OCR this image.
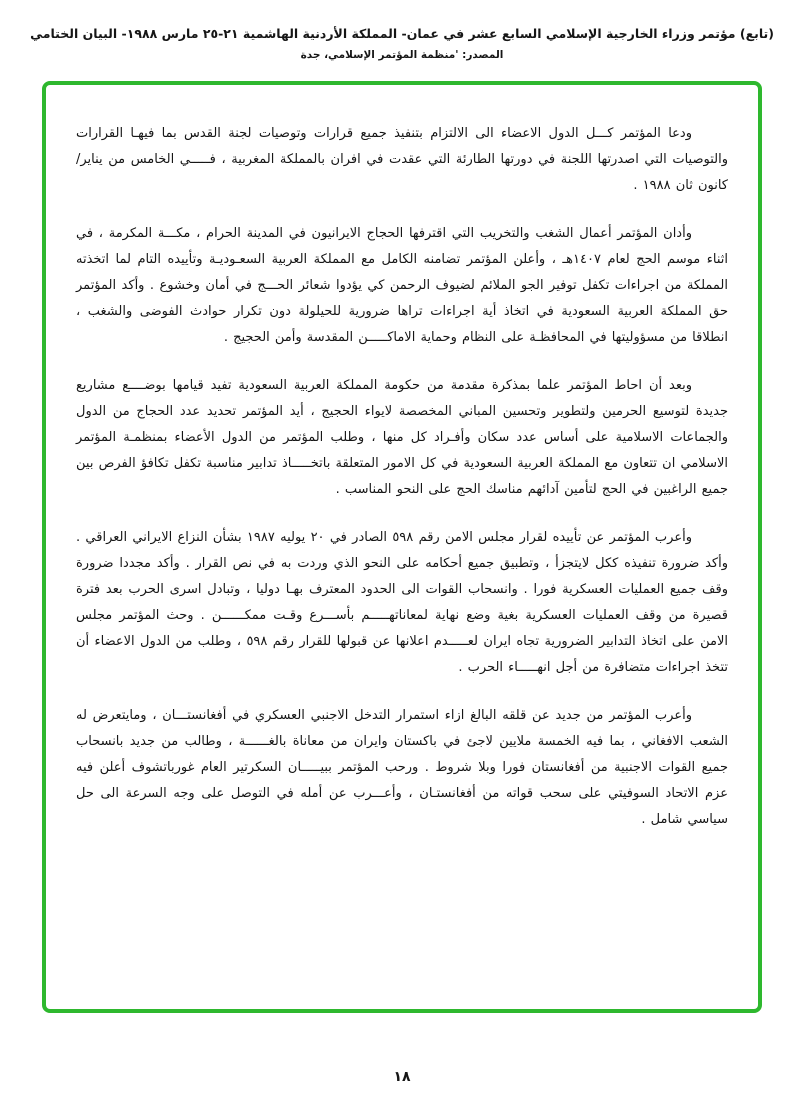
(تابع) مؤتمر وزراء الخارجية الإسلامي السابع عشر في عمان- المملكة الأردنية الهاشمية ٢١-٢٥ مارس ١٩٨٨- البيان الختامي
المصدر: 'منظمة المؤتمر الإسلامي، جدة

ودعا المؤتمر كـــل الدول الاعضاء الى الالتزام بتنفيذ جميع قرارات وتوصيات لجنة القدس بما فيهـا القرارات والتوصيات التي اصدرتها اللجنة في دورتها الطارئة التي عقدت في افران بالمملكة المغربية ، فـــــي الخامس من يناير/كانون ثان ١٩٨٨ .

وأدان المؤتمر أعمال الشغب والتخريب التي اقترفها الحجاج الايرانيون في المدينة الحرام ، مكـــة المكرمة ، في اثناء موسم الحج لعام ١٤٠٧هـ ، وأعلن المؤتمر تضامنه الكامل مع المملكة العربية السعـوديـة وتأييده التام لما اتخذته المملكة من اجراءات تكفل توفير الجو الملائم لضيوف الرحمن كي يؤدوا شعائر الحـــج في أمان وخشوع . وأكد المؤتمر حق المملكة العربية السعودية في اتخاذ أية اجراءات تراها ضرورية للحيلولة دون تكرار حوادث الفوضى والشغب ، انطلاقا من مسؤوليتها في المحافظـة على النظام وحماية الاماكـــــن المقدسة وأمن الحجيج .

وبعد أن احاط المؤتمر علما بمذكرة مقدمة من حكومة المملكة العربية السعودية تفيد قيامها بوضــــع مشاريع جديدة لتوسيع الحرمين ولتطوير وتحسين المباني المخصصة لايواء الحجيج ، أيد المؤتمر تحديد عدد الحجاج من الدول والجماعات الاسلامية على أساس عدد سكان وأفـراد كل منها ، وطلب المؤتمر من الدول الأعضاء بمنظمـة المؤتمر الاسلامي ان تتعاون مع المملكة العربية السعودية في كل الامور المتعلقة باتخـــــاذ تدابير مناسبة تكفل تكافؤ الفرص بين جميع الراغبين في الحج لتأمين آدائهم مناسك الحج على النحو المناسب .

وأعرب المؤتمر عن تأييده لقرار مجلس الامن رقم ٥٩٨ الصادر في ٢٠ يوليه ١٩٨٧ بشأن النزاع الايراني العراقي . وأكد ضرورة تنفيذه ككل لايتجزأ ، وتطبيق جميع أحكامه على النحو الذي وردت به في نص القرار . وأكد مجددا ضرورة وقف جميع العمليات العسكرية فورا . وانسحاب القوات الى الحدود المعترف بهـا دوليا ، وتبادل اسرى الحرب بعد فترة قصيرة من وقف العمليات العسكرية بغية وضع نهاية لمعاناتهـــــم بأســـرع وقـت ممكــــــن . وحث المؤتمر مجلس الامن على اتخاذ التدابير الضرورية تجاه ايران لعـــــدم اعلانها عن قبولها للقرار رقم ٥٩٨ ، وطلب من الدول الاعضاء أن تتخذ اجراءات متضافرة من أجل انهـــــاء الحرب .

وأعرب المؤتمر من جديد عن قلقه البالغ ازاء استمرار التدخل الاجنبي العسكري في أفغانستـــان ، ومايتعرض له الشعب الافغاني ، بما فيه الخمسة ملايين لاجئ في باكستان وايران من معاناة بالغــــــة ، وطالب من جديد بانسحاب جميع القوات الاجنبية من أفغانستان فورا وبلا شروط . ورحب المؤتمر ببيـــــان السكرتير العام غورباتشوف أعلن فيه عزم الاتحاد السوفيتي على سحب قواته من أفغانستـان ، وأعـــرب عن أمله في التوصل على وجه السرعة الى حل سياسي شامل .

١٨
